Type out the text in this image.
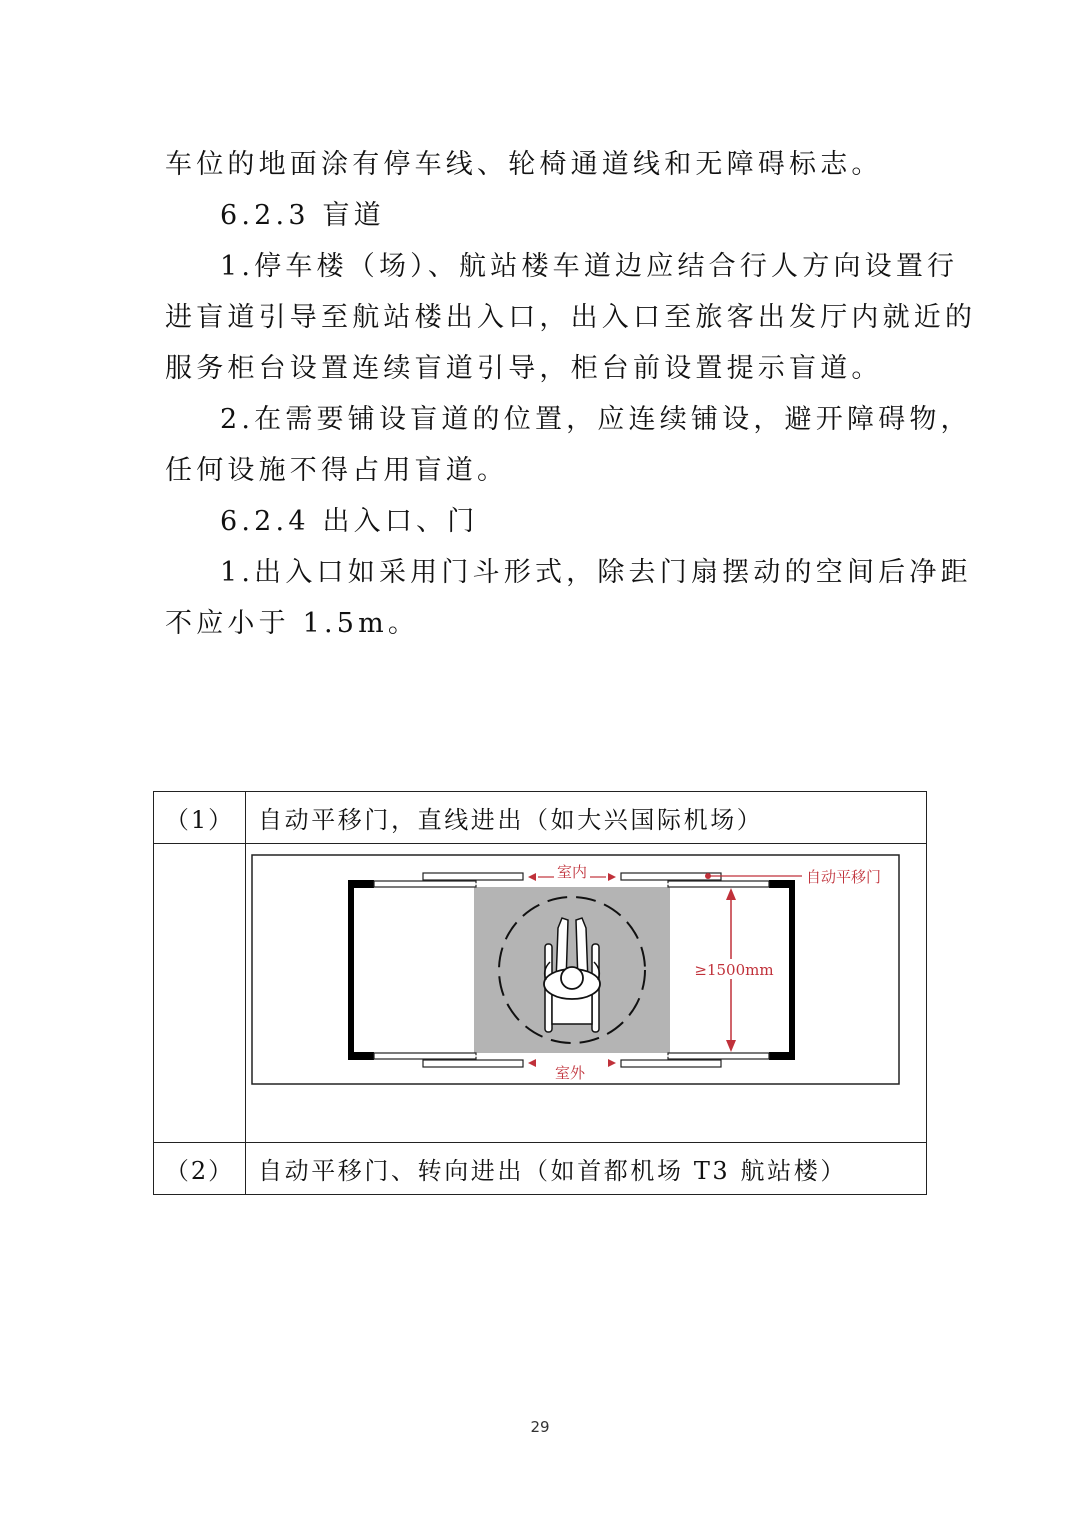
车位的地面涂有停车线、轮椅通道线和无障碍标志。
6.2.3 盲道
1.停车楼（场）、航站楼车道边应结合行人方向设置行
进盲道引导至航站楼出入口，出入口至旅客出发厅内就近的
服务柜台设置连续盲道引导，柜台前设置提示盲道。
2.在需要铺设盲道的位置，应连续铺设，避开障碍物，
任何设施不得占用盲道。
6.2.4 出入口、门
1.出入口如采用门斗形式，除去门扇摆动的空间后净距
不应小于 1.5m。
（1）	自动平移门，直线进出（如大兴国际机场）

室内
室外
自动平移门
≥1500mm

（2）	自动平移门、转向进出（如首都机场 T3 航站楼）
29
